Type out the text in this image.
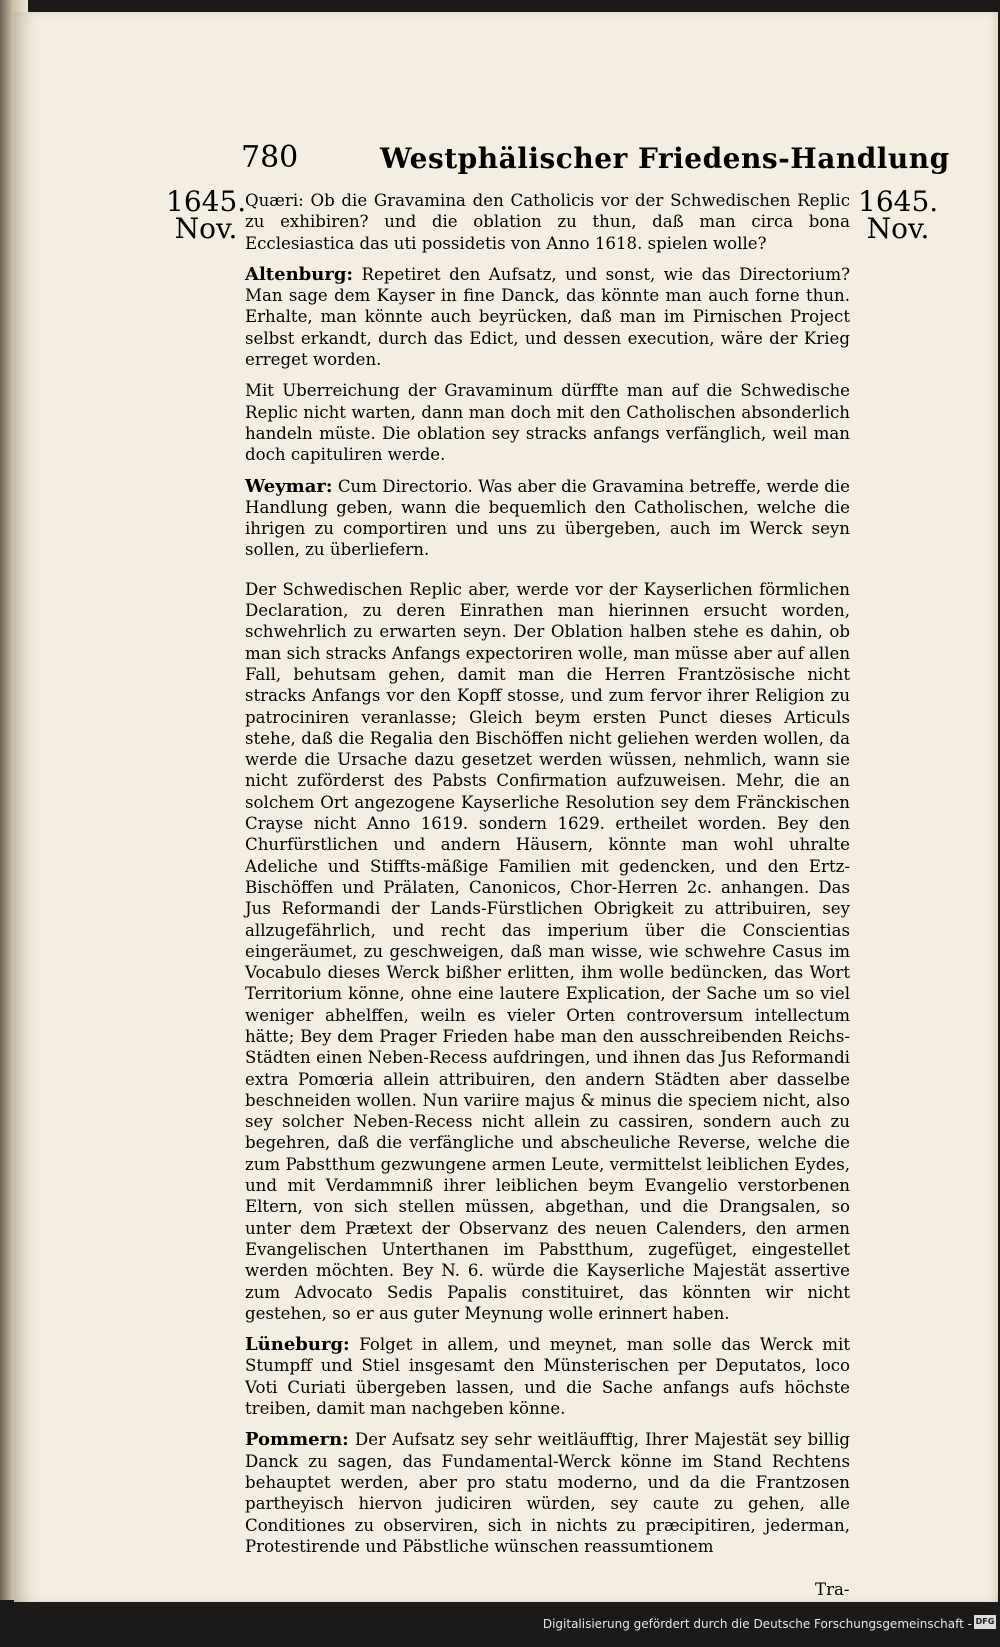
780	Westphälischer Friedens-Handlung
1645.
Nov.
1645.
Nov.

Quæri: Ob die Gravamina den Catholicis vor der Schwedischen Replic zu exhibiren? und die oblation zu thun, daß man circa bona Ecclesiastica das uti possidetis von Anno 1618. spielen wolle?

Altenburg: Repetiret den Aufsatz, und sonst, wie das Directorium? Man sage dem Kayser in fine Danck, das könnte man auch forne thun. Erhalte, man könnte auch beyrücken, daß man im Pirnischen Project selbst erkandt, durch das Edict, und dessen execution, wäre der Krieg erreget worden.

Mit Uberreichung der Gravaminum dürffte man auf die Schwedische Replic nicht warten, dann man doch mit den Catholischen absonderlich handeln müste. Die oblation sey stracks anfangs verfänglich, weil man doch capituliren werde.

Weymar: Cum Directorio. Was aber die Gravamina betreffe, werde die Handlung geben, wann die bequemlich den Catholischen, welche die ihrigen zu comportiren und uns zu übergeben, auch im Werck seyn sollen, zu überliefern.

Der Schwedischen Replic aber, werde vor der Kayserlichen förmlichen Declaration, zu deren Einrathen man hierinnen ersucht worden, schwehrlich zu erwarten seyn. Der Oblation halben stehe es dahin, ob man sich stracks Anfangs expectoriren wolle, man müsse aber auf allen Fall, behutsam gehen, damit man die Herren Frantzösische nicht stracks Anfangs vor den Kopff stosse, und zum fervor ihrer Religion zu patrociniren veranlasse; Gleich beym ersten Punct dieses Articuls stehe, daß die Regalia den Bischöffen nicht geliehen werden wollen, da werde die Ursache dazu gesetzet werden wüssen, nehmlich, wann sie nicht zuförderst des Pabsts Confirmation aufzuweisen. Mehr, die an solchem Ort angezogene Kayserliche Resolution sey dem Fränckischen Crayse nicht Anno 1619. sondern 1629. ertheilet worden. Bey den Churfürstlichen und andern Häusern, könnte man wohl uhralte Adeliche und Stiffts-mäßige Familien mit gedencken, und den Ertz-Bischöffen und Prälaten, Canonicos, Chor-Herren 2c. anhangen. Das Jus Reformandi der Lands-Fürstlichen Obrigkeit zu attribuiren, sey allzugefährlich, und recht das imperium über die Conscientias eingeräumet, zu geschweigen, daß man wisse, wie schwehre Casus im Vocabulo dieses Werck bißher erlitten, ihm wolle bedüncken, das Wort Territorium könne, ohne eine lautere Explication, der Sache um so viel weniger abhelffen, weiln es vieler Orten controversum intellectum hätte; Bey dem Prager Frieden habe man den ausschreibenden Reichs-Städten einen Neben-Recess aufdringen, und ihnen das Jus Reformandi extra Pomœria allein attribuiren, den andern Städten aber dasselbe beschneiden wollen. Nun variire majus & minus die speciem nicht, also sey solcher Neben-Recess nicht allein zu cassiren, sondern auch zu begehren, daß die verfängliche und abscheuliche Reverse, welche die zum Pabstthum gezwungene armen Leute, vermittelst leiblichen Eydes, und mit Verdammniß ihrer leiblichen beym Evangelio verstorbenen Eltern, von sich stellen müssen, abgethan, und die Drangsalen, so unter dem Prætext der Observanz des neuen Calenders, den armen Evangelischen Unterthanen im Pabstthum, zugefüget, eingestellet werden möchten. Bey N. 6. würde die Kayserliche Majestät assertive zum Advocato Sedis Papalis constituiret, das könnten wir nicht gestehen, so er aus guter Meynung wolle erinnert haben.

Lüneburg: Folget in allem, und meynet, man solle das Werck mit Stumpff und Stiel insgesamt den Münsterischen per Deputatos, loco Voti Curiati übergeben lassen, und die Sache anfangs aufs höchste treiben, damit man nachgeben könne.

Pommern: Der Aufsatz sey sehr weitläufftig, Ihrer Majestät sey billig Danck zu sagen, das Fundamental-Werck könne im Stand Rechtens behauptet werden, aber pro statu moderno, und da die Frantzosen partheyisch hiervon judiciren würden, sey caute zu gehen, alle Conditiones zu observiren, sich in nichts zu præcipitiren, jederman, Protestirende und Päbstliche wünschen reassumtionem

Tra-
Digitalisierung gefördert durch die Deutsche Forschungsgemeinschaft - DFG
